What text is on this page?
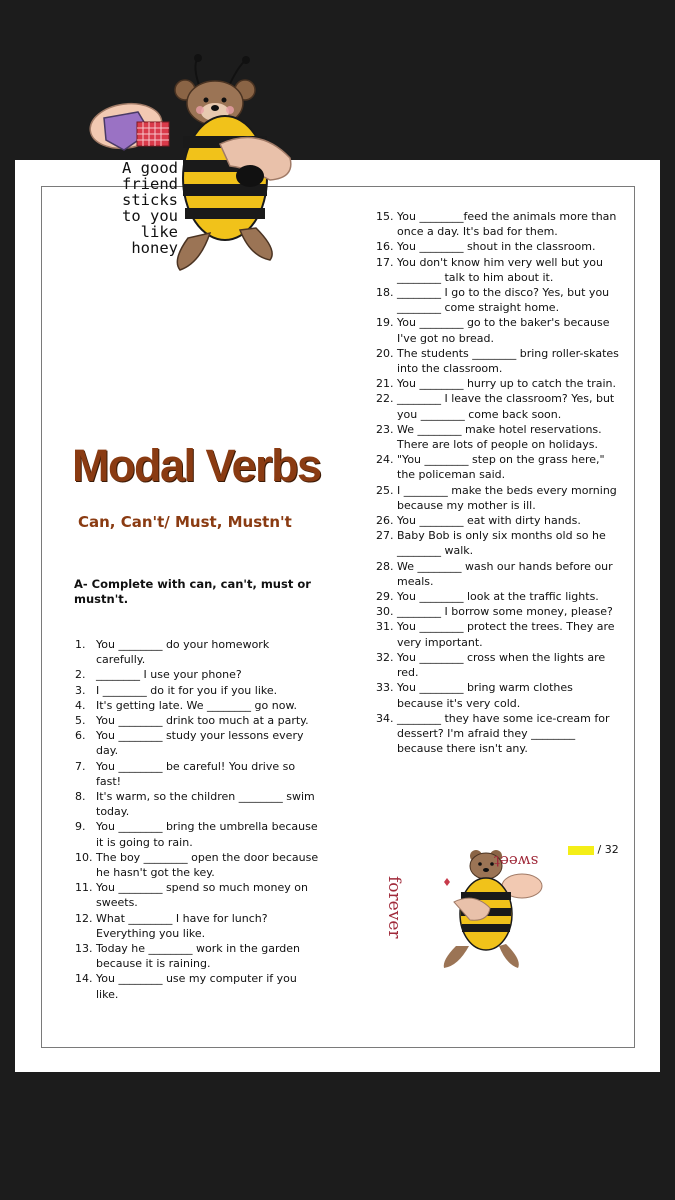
A good
friend
sticks
to you
like
honey
Modal Verbs
Can, Can't/ Must, Mustn't
A- Complete with can, can't, must or mustn't.
1. You ________ do your homework carefully.
2. ________ I use your phone?
3. I ________ do it for you if you like.
4. It's getting late. We ________ go now.
5. You ________ drink too much at a party.
6. You ________ study your lessons every day.
7. You ________ be careful! You drive so fast!
8. It's warm, so the children ________ swim today.
9. You ________ bring the umbrella because it is going to rain.
10. The boy ________ open the door because he hasn't got the key.
11. You ________ spend so much money on sweets.
12. What ________ I have for lunch? Everything you like.
13. Today he ________ work in the garden because it is raining.
14. You ________ use my computer if you like.
15. You ________feed the animals more than once a day. It's bad for them.
16. You ________ shout in the classroom.
17. You don't know him very well but you ________ talk to him about it.
18. ________ I go to the disco? Yes, but you ________ come straight home.
19. You ________ go to the baker's because I've got no bread.
20. The students ________ bring roller-skates into the classroom.
21. You ________ hurry up to catch the train.
22. ________ I leave the classroom? Yes, but you ________ come back soon.
23. We ________ make hotel reservations. There are lots of people on holidays.
24. "You ________ step on the grass here," the policeman said.
25. I ________ make the beds every morning because my mother is ill.
26. You ________ eat with dirty hands.
27. Baby Bob is only six months old so he ________ walk.
28. We ________ wash our hands before our meals.
29. You ________ look at the traffic lights.
30. ________ I borrow some money, please?
31. You ________ protect the trees. They are very important.
32. You ________ cross when the lights are red.
33. You ________ bring warm clothes because it's very cold.
34. ________ they have some ice-cream for dessert? I'm afraid they ________ because there isn't any.
/ 32
sweet
forever
